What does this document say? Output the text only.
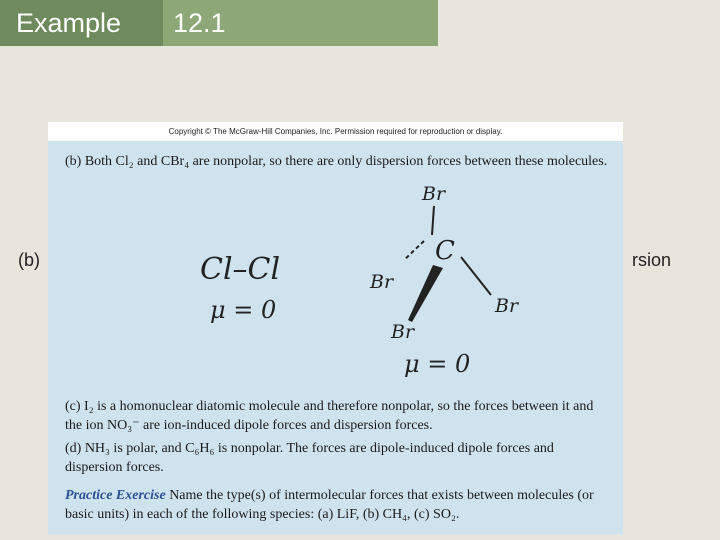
Example	12.1
(b)	rsion
Copyright © The McGraw-Hill Companies, Inc. Permission required for reproduction or display.
(b) Both Cl₂ and CBr₄ are nonpolar, so there are only dispersion forces between these molecules.
Cl–Cl
μ = 0
Br
C
Br
Br
Br
μ = 0
(c) I₂ is a homonuclear diatomic molecule and therefore nonpolar, so the forces between it and the ion NO₃⁻ are ion-induced dipole forces and dispersion forces.
(d) NH₃ is polar, and C₆H₆ is nonpolar. The forces are dipole-induced dipole forces and dispersion forces.
Practice Exercise Name the type(s) of intermolecular forces that exists between molecules (or basic units) in each of the following species: (a) LiF, (b) CH₄, (c) SO₂.
